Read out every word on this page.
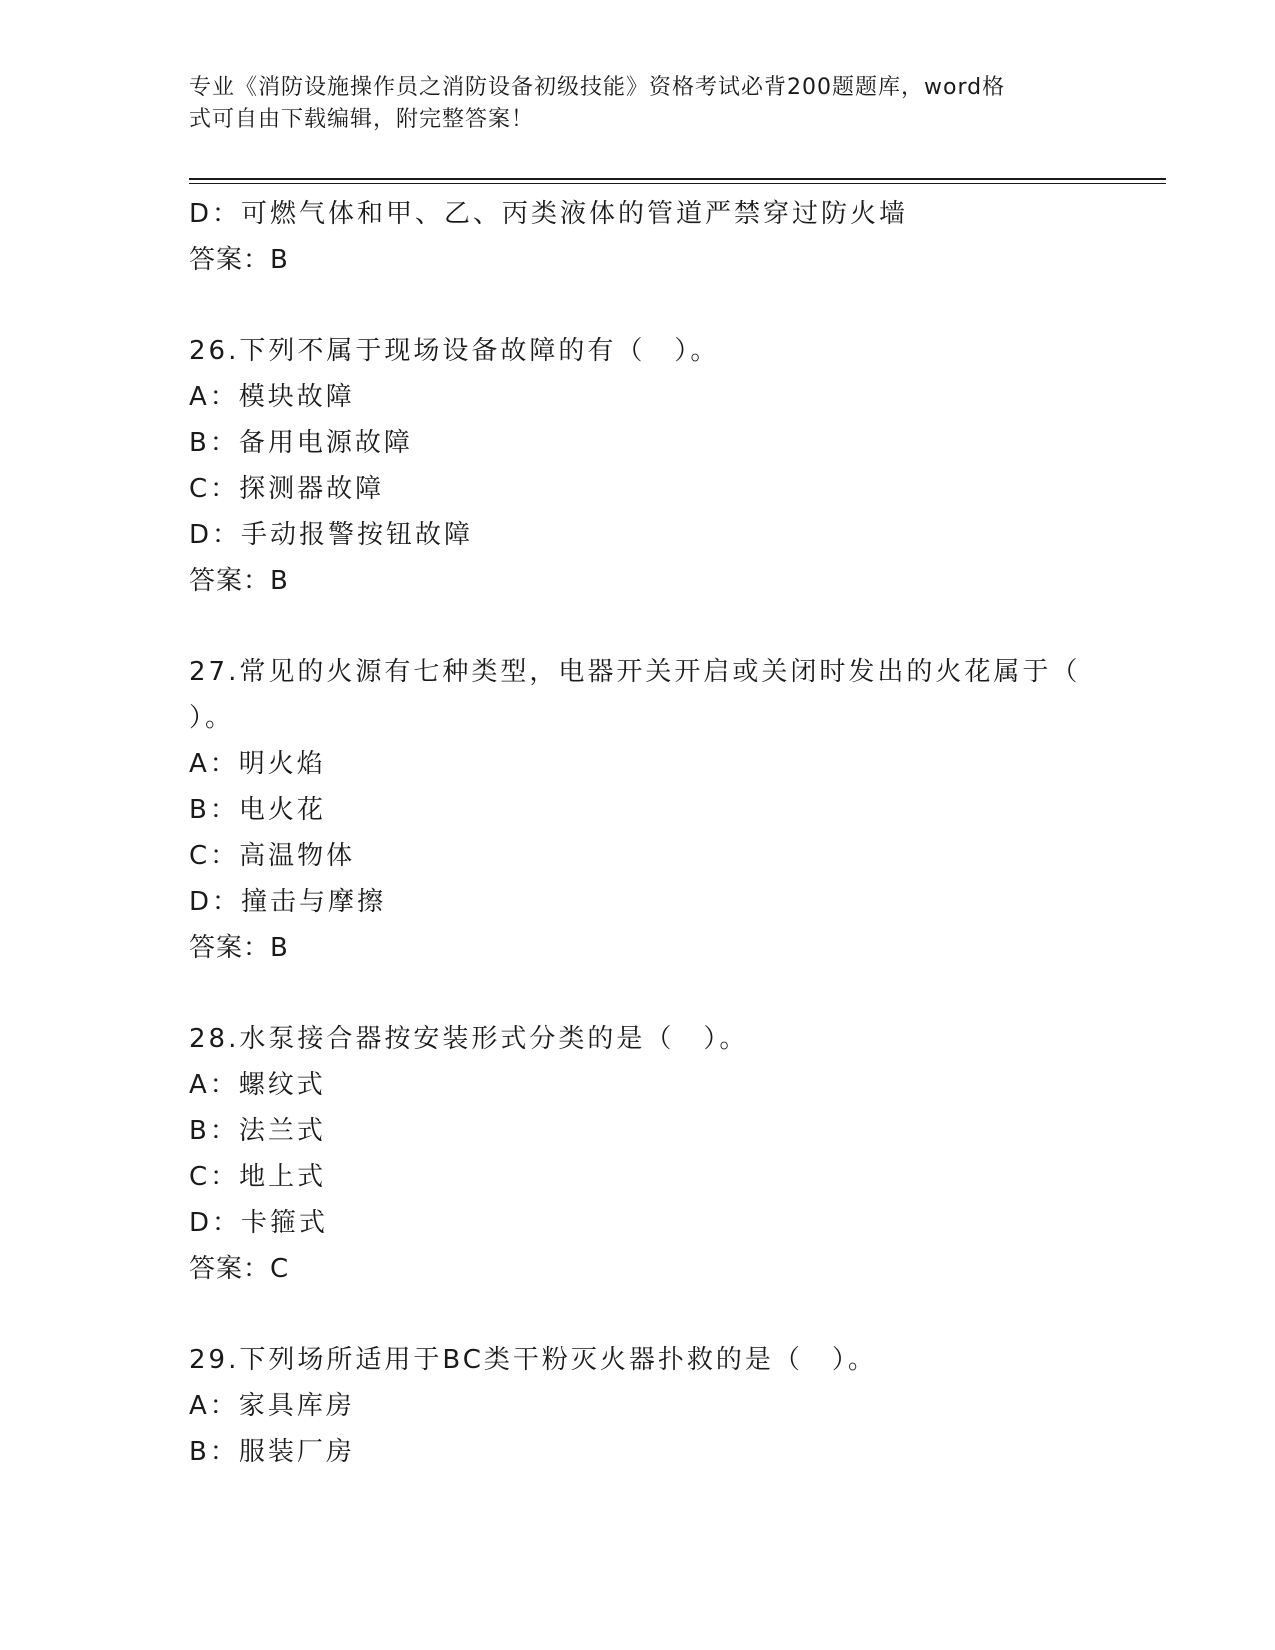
专业《消防设施操作员之消防设备初级技能》资格考试必背200题题库，word格
式可自由下载编辑，附完整答案！
D：可燃气体和甲、乙、丙类液体的管道严禁穿过防火墙
答案：B
26.下列不属于现场设备故障的有（　）。
A：模块故障
B：备用电源故障
C：探测器故障
D：手动报警按钮故障
答案：B
27.常见的火源有七种类型，电器开关开启或关闭时发出的火花属于（
）。
A：明火焰
B：电火花
C：高温物体
D：撞击与摩擦
答案：B
28.水泵接合器按安装形式分类的是（　）。
A：螺纹式
B：法兰式
C：地上式
D：卡箍式
答案：C
29.下列场所适用于BC类干粉灭火器扑救的是（　）。
A：家具库房
B：服装厂房
